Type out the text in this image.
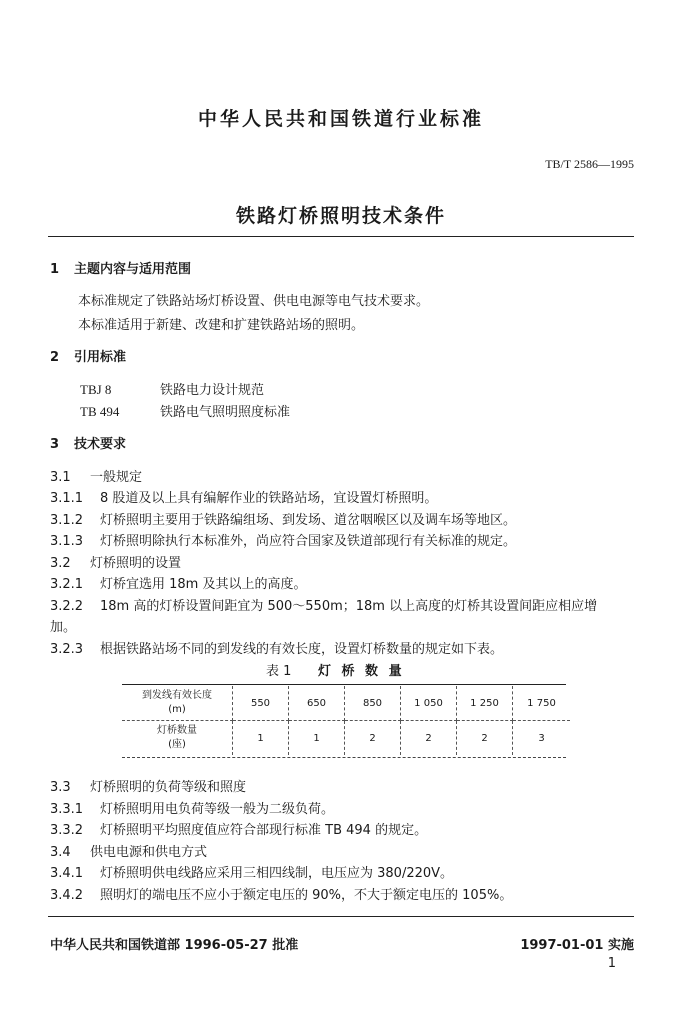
中华人民共和国铁道行业标准
TB/T 2586—1995
铁路灯桥照明技术条件
1 主题内容与适用范围
本标准规定了铁路站场灯桥设置、供电电源等电气技术要求。
本标准适用于新建、改建和扩建铁路站场的照明。
2 引用标准
TBJ 8	铁路电力设计规范
TB 494	铁路电气照明照度标准
3 技术要求
3.1 一般规定
3.1.1 8 股道及以上具有编解作业的铁路站场，宜设置灯桥照明。
3.1.2 灯桥照明主要用于铁路编组场、到发场、道岔咽喉区以及调车场等地区。
3.1.3 灯桥照明除执行本标准外，尚应符合国家及铁道部现行有关标准的规定。
3.2 灯桥照明的设置
3.2.1 灯桥宜选用 18m 及其以上的高度。
3.2.2 18m 高的灯桥设置间距宜为 500～550m；18m 以上高度的灯桥其设置间距应相应增
加。
3.2.3 根据铁路站场不同的到发线的有效长度，设置灯桥数量的规定如下表。
表 1 灯 桥 数 量
到发线有效长度
(m)	550	650	850	1 050	1 250	1 750

灯桥数量
(座)	1	1	2	2	2	3
3.3 灯桥照明的负荷等级和照度
3.3.1 灯桥照明用电负荷等级一般为二级负荷。
3.3.2 灯桥照明平均照度值应符合部现行标准 TB 494 的规定。
3.4 供电电源和供电方式
3.4.1 灯桥照明供电线路应采用三相四线制，电压应为 380/220V。
3.4.2 照明灯的端电压不应小于额定电压的 90%，不大于额定电压的 105%。
中华人民共和国铁道部 1996-05-27 批准	1997-01-01 实施
1
